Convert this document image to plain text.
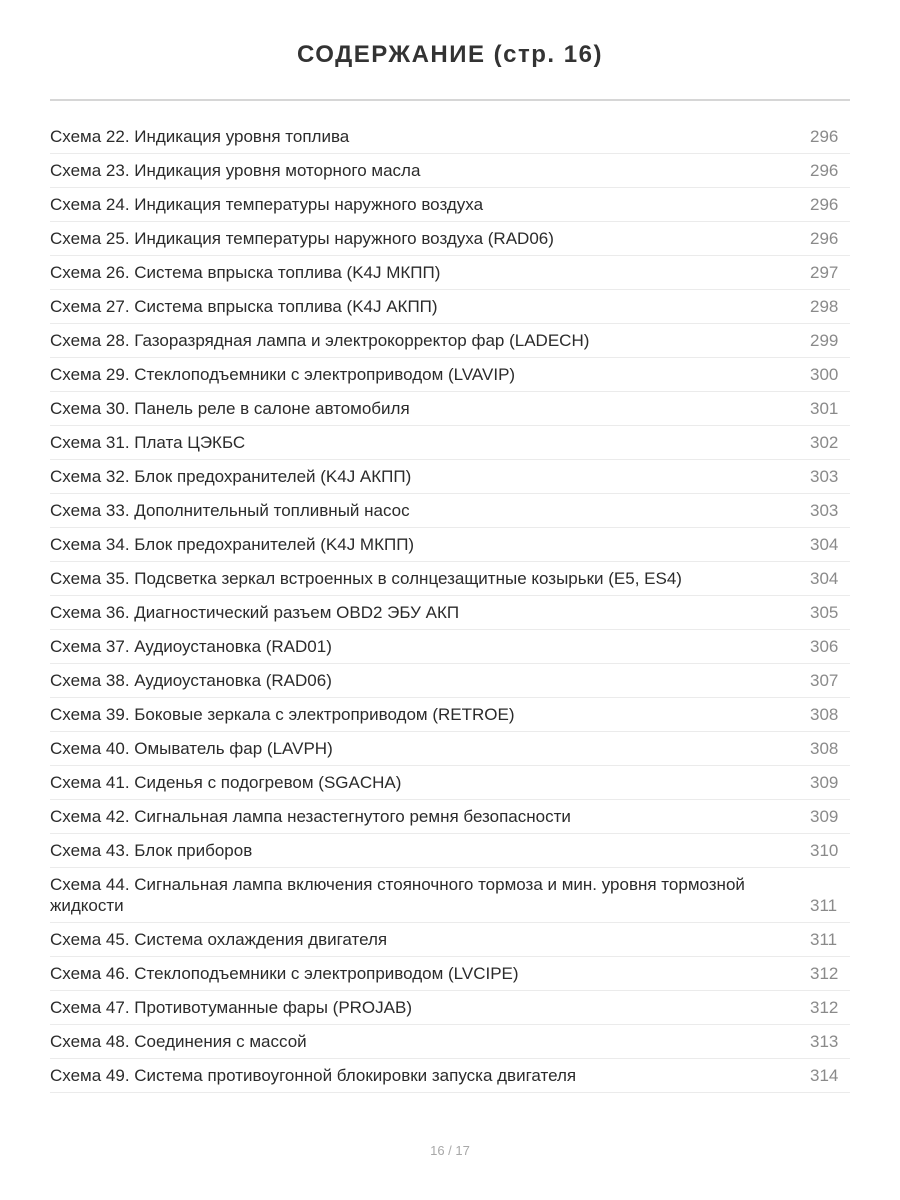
СОДЕРЖАНИЕ (стр. 16)
Схема 22. Индикация уровня топлива	296
Схема 23. Индикация уровня моторного масла	296
Схема 24. Индикация температуры наружного воздуха	296
Схема 25. Индикация температуры наружного воздуха (RAD06)	296
Схема 26. Система впрыска топлива (K4J МКПП)	297
Схема 27. Система впрыска топлива (K4J АКПП)	298
Схема 28. Газоразрядная лампа и электрокорректор фар (LADECH)	299
Схема 29. Стеклоподъемники с электроприводом (LVAVIP)	300
Схема 30. Панель реле в салоне автомобиля	301
Схема 31. Плата ЦЭКБС	302
Схема 32. Блок предохранителей (K4J АКПП)	303
Схема 33. Дополнительный топливный насос	303
Схема 34. Блок предохранителей (K4J МКПП)	304
Схема 35. Подсветка зеркал встроенных в солнцезащитные козырьки (E5, ES4)	304
Схема 36. Диагностический разъем OBD2 ЭБУ АКП	305
Схема 37. Аудиоустановка (RAD01)	306
Схема 38. Аудиоустановка (RAD06)	307
Схема 39. Боковые зеркала с электроприводом (RETROE)	308
Схема 40. Омыватель фар (LAVPH)	308
Схема 41. Сиденья с подогревом (SGACHA)	309
Схема 42. Сигнальная лампа незастегнутого ремня безопасности	309
Схема 43. Блок приборов	310
Схема 44. Сигнальная лампа включения стояночного тормоза и мин. уровня тормозной жидкости	311
Схема 45. Система охлаждения двигателя	311
Схема 46. Стеклоподъемники с электроприводом (LVCIPE)	312
Схема 47. Противотуманные фары (PROJAB)	312
Схема 48. Соединения с массой	313
Схема 49. Система противоугонной блокировки запуска двигателя	314

16 / 17
